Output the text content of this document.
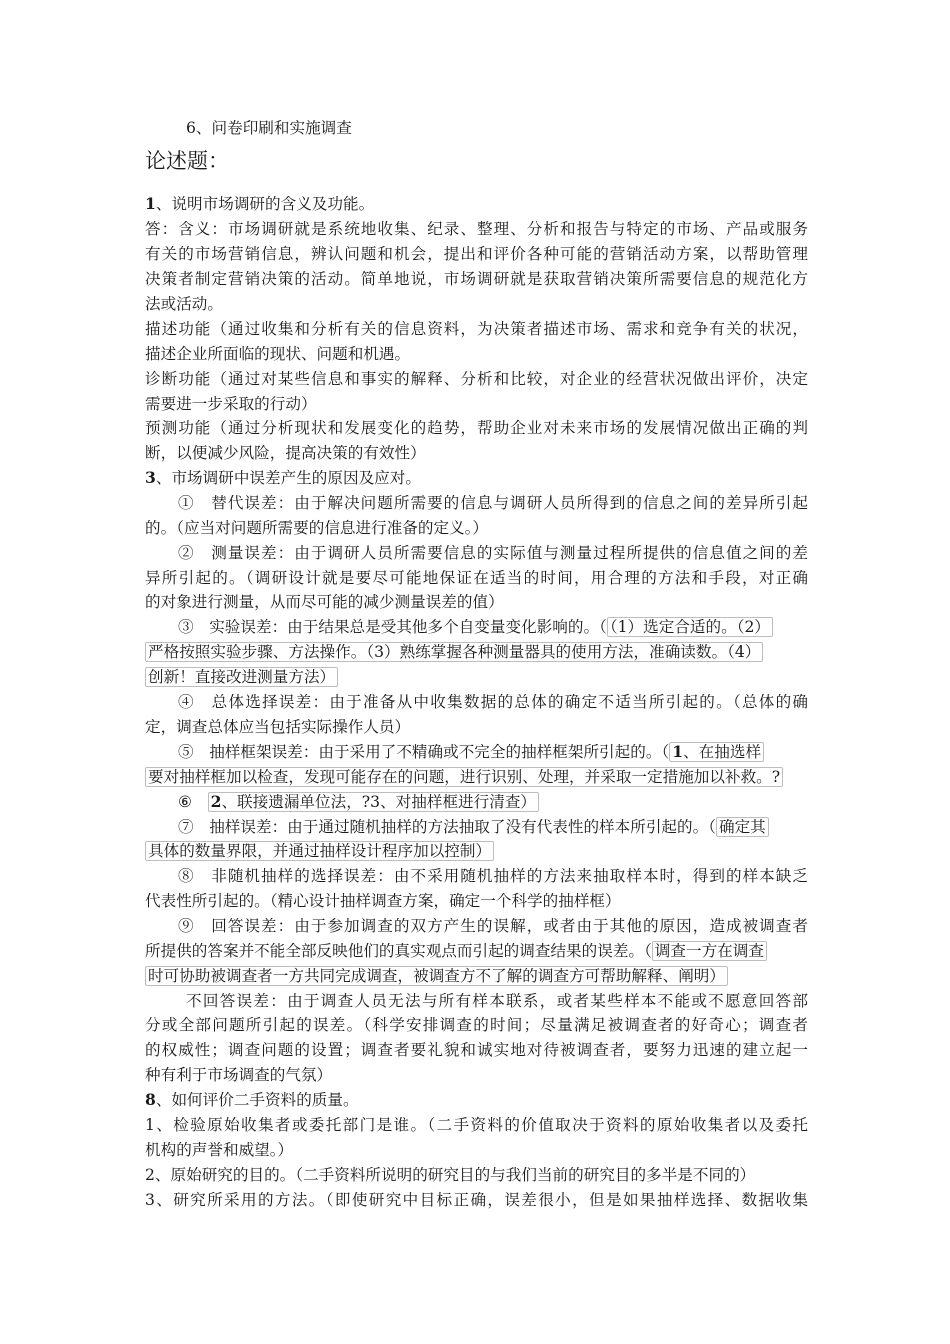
6、问卷印刷和实施调查
论述题：
1、说明市场调研的含义及功能。
答：含义：市场调研就是系统地收集、纪录、整理、分析和报告与特定的市场、产品或服务
有关的市场营销信息，辨认问题和机会，提出和评价各种可能的营销活动方案，以帮助管理
决策者制定营销决策的活动。简单地说，市场调研就是获取营销决策所需要信息的规范化方
法或活动。
描述功能（通过收集和分析有关的信息资料，为决策者描述市场、需求和竞争有关的状况，
描述企业所面临的现状、问题和机遇。
诊断功能（通过对某些信息和事实的解释、分析和比较，对企业的经营状况做出评价，决定
需要进一步采取的行动）
预测功能（通过分析现状和发展变化的趋势，帮助企业对未来市场的发展情况做出正确的判
断，以便减少风险，提高决策的有效性）
3、市场调研中误差产生的原因及应对。
①　替代误差：由于解决问题所需要的信息与调研人员所得到的信息之间的差异所引起
的。（应当对问题所需要的信息进行准备的定义。）
②　测量误差：由于调研人员所需要信息的实际值与测量过程所提供的信息值之间的差
异所引起的。（调研设计就是要尽可能地保证在适当的时间，用合理的方法和手段，对正确
的对象进行测量，从而尽可能的减少测量误差的值）
③　实验误差：由于结果总是受其他多个自变量变化影响的。（ （1）选定合适的。（2）
严格按照实验步骤、方法操作。（3）熟练掌握各种测量器具的使用方法，准确读数。（4）
创新！直接改进测量方法）
④　总体选择误差：由于准备从中收集数据的总体的确定不适当所引起的。（总体的确
定，调查总体应当包括实际操作人员）
⑤　抽样框架误差：由于采用了不精确或不完全的抽样框架所引起的。（ 1、在抽选样
要对抽样框加以检查，发现可能存在的问题，进行识别、处理，并采取一定措施加以补救。?
⑥　 2、联接遗漏单位法，?3、对抽样框进行清查）
⑦　抽样误差：由于通过随机抽样的方法抽取了没有代表性的样本所引起的。（ 确定其
具体的数量界限，并通过抽样设计程序加以控制）
⑧　非随机抽样的选择误差：由不采用随机抽样的方法来抽取样本时，得到的样本缺乏
代表性所引起的。（精心设计抽样调查方案，确定一个科学的抽样框）
⑨　回答误差：由于参加调查的双方产生的误解，或者由于其他的原因，造成被调查者
所提供的答案并不能全部反映他们的真实观点而引起的调查结果的误差。（ 调查一方在调查
时可协助被调查者一方共同完成调查，被调查方不了解的调查方可帮助解释、阐明）
不回答误差：由于调查人员无法与所有样本联系，或者某些样本不能或不愿意回答部
分或全部问题所引起的误差。（科学安排调查的时间；尽量满足被调查者的好奇心；调查者
的权威性；调查问题的设置；调查者要礼貌和诚实地对待被调查者，要努力迅速的建立起一
种有利于市场调查的气氛）
8、如何评价二手资料的质量。
1、检验原始收集者或委托部门是谁。（二手资料的价值取决于资料的原始收集者以及委托
机构的声誉和威望。）
2、原始研究的目的。（二手资料所说明的研究目的与我们当前的研究目的多半是不同的）
3、研究所采用的方法。（即使研究中目标正确，误差很小，但是如果抽样选择、数据收集
